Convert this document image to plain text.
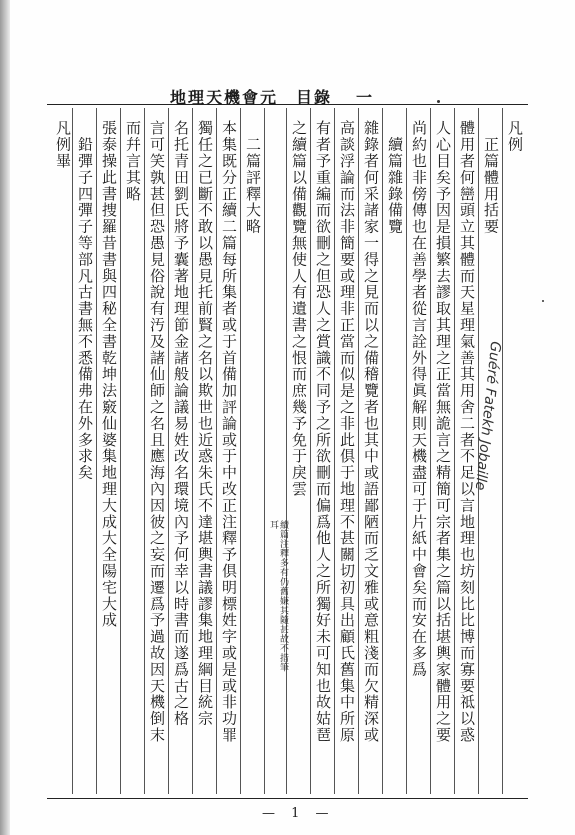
地理天機會元　目錄 一
凡例
　正篇體用括要
體用者何巒頭立其體而天星理氣善其用舍二者不足以言地理也坊刻比比博而寡要祗以惑
人心目矣予因是損繁去謬取其理之正當無詭言之精簡可宗者集之篇以括堪輿家體用之要
尚約也非傍傳也在善學者從言詮外得眞解則天機盡可于片紙中會矣而安在多爲
　續篇雜錄備覽
雜錄者何采諸家一得之見而以之備稽覽者也其中或語鄙陋而乏文雅或意粗淺而欠精深或
高談浮論而法非簡要或理非正當而似是之非此俱于地理不甚關切初具出顧氏舊集中所原
有者予重編而欲刪之但恐人之賞識不同予之所欲刪而偏爲他人之所獨好未可知也故姑琶
之續篇以備觀覽無使人有遺書之恨而庶幾予免于戾雲
續篇注釋多有仍舊嫌其隨甚故不措筆耳
　二篇評釋大略
本集既分正續二篇每所集者或于首備加評論或于中改正注釋予俱明標姓字或是或非功罪
獨任之已斷不敢以愚見托前賢之名以欺世也近惑朱氏不達堪輿書議謬集地理綱目統宗
名托青田劉氏將予囊著地理節金諸般論議易姓改名環境內予何幸以時書而遂爲古之格
言可笑孰甚但恐愚見俗說有汚及諸仙師之名且應海內因彼之妄而遷爲予過故因天機倒末
而幷言其略
張泰操此書捜羅昔書與四秘全書乾坤法竅仙婆集地理大成大全陽宅大成
　鉛彈子四彈子等部凡古書無不悉備弗在外多求矣
凡例畢
Guéré Fatekh Jobaille
— 1 —
